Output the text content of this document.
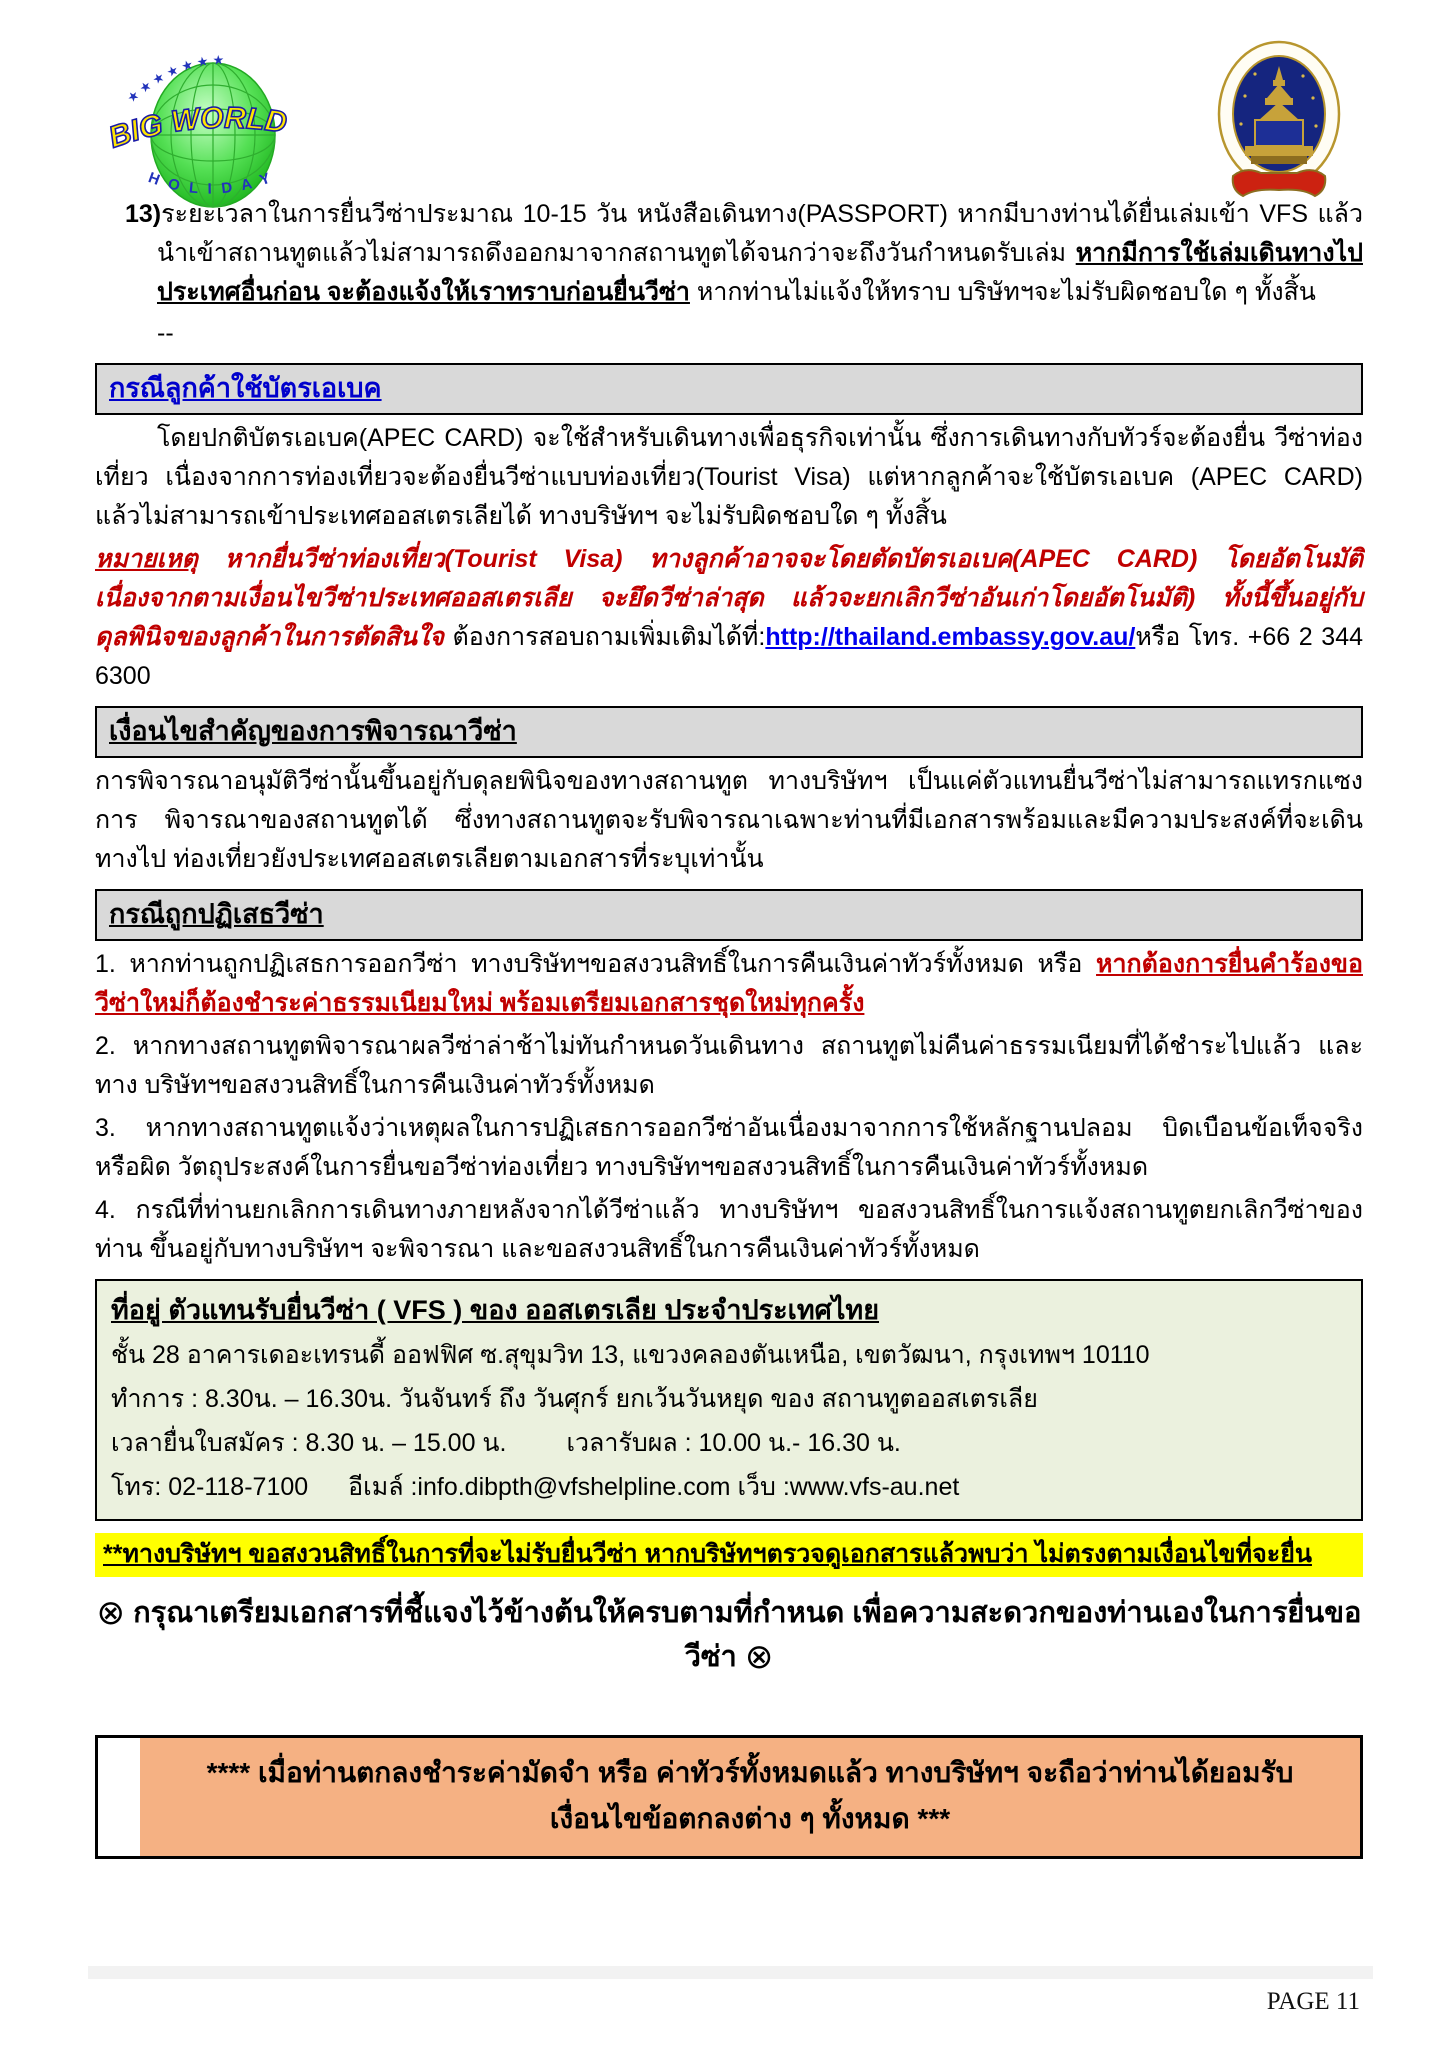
★ ★ ★ ★ ★ ★ ★
BIG WORLD
H O L I D A Y

13)ระยะเวลาในการยื่นวีซ่าประมาณ 10-15 วัน หนังสือเดินทาง(PASSPORT) หากมีบางท่านได้ยื่นเล่มเข้า VFS แล้ว นำเข้าสถานทูตแล้วไม่สามารถดึงออกมาจากสถานทูตได้จนกว่าจะถึงวันกำหนดรับเล่ม หากมีการใช้เล่มเดินทางไปประเทศอื่นก่อน จะต้องแจ้งให้เราทราบก่อนยื่นวีซ่า หากท่านไม่แจ้งให้ทราบ บริษัทฯจะไม่รับผิดชอบใด ๆ ทั้งสิ้น

--

กรณีลูกค้าใช้บัตรเอเบค

โดยปกติบัตรเอเบค(APEC CARD) จะใช้สำหรับเดินทางเพื่อธุรกิจเท่านั้น ซึ่งการเดินทางกับทัวร์จะต้องยื่น วีซ่าท่องเที่ยว เนื่องจากการท่องเที่ยวจะต้องยื่นวีซ่าแบบท่องเที่ยว(Tourist Visa) แต่หากลูกค้าจะใช้บัตรเอเบค (APEC CARD) แล้วไม่สามารถเข้าประเทศออสเตรเลียได้ ทางบริษัทฯ จะไม่รับผิดชอบใด ๆ ทั้งสิ้น

หมายเหตุ หากยื่นวีซ่าท่องเที่ยว(Tourist Visa) ทางลูกค้าอาจจะโดยตัดบัตรเอเบค(APEC CARD) โดยอัตโนมัติ เนื่องจากตามเงื่อนไขวีซ่าประเทศออสเตรเลีย จะยึดวีซ่าล่าสุด แล้วจะยกเลิกวีซ่าอันเก่าโดยอัตโนมัติ) ทั้งนี้ขึ้นอยู่กับดุลพินิจของลูกค้าในการตัดสินใจ ต้องการสอบถามเพิ่มเติมได้ที่:http://thailand.embassy.gov.au/หรือ โทร. +66 2 344 6300

เงื่อนไขสำคัญของการพิจารณาวีซ่า

การพิจารณาอนุมัติวีซ่านั้นขึ้นอยู่กับดุลยพินิจของทางสถานทูต ทางบริษัทฯ เป็นแค่ตัวแทนยื่นวีซ่าไม่สามารถแทรกแซงการ พิจารณาของสถานทูตได้ ซึ่งทางสถานทูตจะรับพิจารณาเฉพาะท่านที่มีเอกสารพร้อมและมีความประสงค์ที่จะเดินทางไป ท่องเที่ยวยังประเทศออสเตรเลียตามเอกสารที่ระบุเท่านั้น

กรณีถูกปฏิเสธวีซ่า

1. หากท่านถูกปฏิเสธการออกวีซ่า ทางบริษัทฯขอสงวนสิทธิ์ในการคืนเงินค่าทัวร์ทั้งหมด หรือ หากต้องการยื่นคำร้องขอวีซ่าใหม่ก็ต้องชำระค่าธรรมเนียมใหม่ พร้อมเตรียมเอกสารชุดใหม่ทุกครั้ง

2. หากทางสถานทูตพิจารณาผลวีซ่าล่าช้าไม่ทันกำหนดวันเดินทาง สถานทูตไม่คืนค่าธรรมเนียมที่ได้ชำระไปแล้ว และทาง บริษัทฯขอสงวนสิทธิ์ในการคืนเงินค่าทัวร์ทั้งหมด

3. หากทางสถานทูตแจ้งว่าเหตุผลในการปฏิเสธการออกวีซ่าอันเนื่องมาจากการใช้หลักฐานปลอม บิดเบือนข้อเท็จจริง หรือผิด วัตถุประสงค์ในการยื่นขอวีซ่าท่องเที่ยว ทางบริษัทฯขอสงวนสิทธิ์ในการคืนเงินค่าทัวร์ทั้งหมด

4. กรณีที่ท่านยกเลิกการเดินทางภายหลังจากได้วีซ่าแล้ว ทางบริษัทฯ ขอสงวนสิทธิ์ในการแจ้งสถานทูตยกเลิกวีซ่าของท่าน ขึ้นอยู่กับทางบริษัทฯ จะพิจารณา และขอสงวนสิทธิ์ในการคืนเงินค่าทัวร์ทั้งหมด

ที่อยู่ ตัวแทนรับยื่นวีซ่า ( VFS ) ของ ออสเตรเลีย ประจำประเทศไทย
ชั้น 28 อาคารเดอะเทรนดี้ ออฟฟิศ ซ.สุขุมวิท 13, แขวงคลองตันเหนือ, เขตวัฒนา, กรุงเทพฯ 10110
ทำการ : 8.30น. – 16.30น. วันจันทร์ ถึง วันศุกร์ ยกเว้นวันหยุด ของ สถานทูตออสเตรเลีย
เวลายื่นใบสมัคร : 8.30 น. – 15.00 น. เวลารับผล : 10.00 น.- 16.30 น.
โทร: 02-118-7100 อีเมล์ :info.dibpth@vfshelpline.com เว็บ :www.vfs-au.net
**ทางบริษัทฯ ขอสงวนสิทธิ์ในการที่จะไม่รับยื่นวีซ่า หากบริษัทฯตรวจดูเอกสารแล้วพบว่า ไม่ตรงตามเงื่อนไขที่จะยื่น

⊗ กรุณาเตรียมเอกสารที่ชี้แจงไว้ข้างต้นให้ครบตามที่กำหนด เพื่อความสะดวกของท่านเองในการยื่นขอวีซ่า ⊗

**** เมื่อท่านตกลงชำระค่ามัดจำ หรือ ค่าทัวร์ทั้งหมดแล้ว ทางบริษัทฯ จะถือว่าท่านได้ยอมรับ
เงื่อนไขข้อตกลงต่าง ๆ ทั้งหมด ***
PAGE 11
